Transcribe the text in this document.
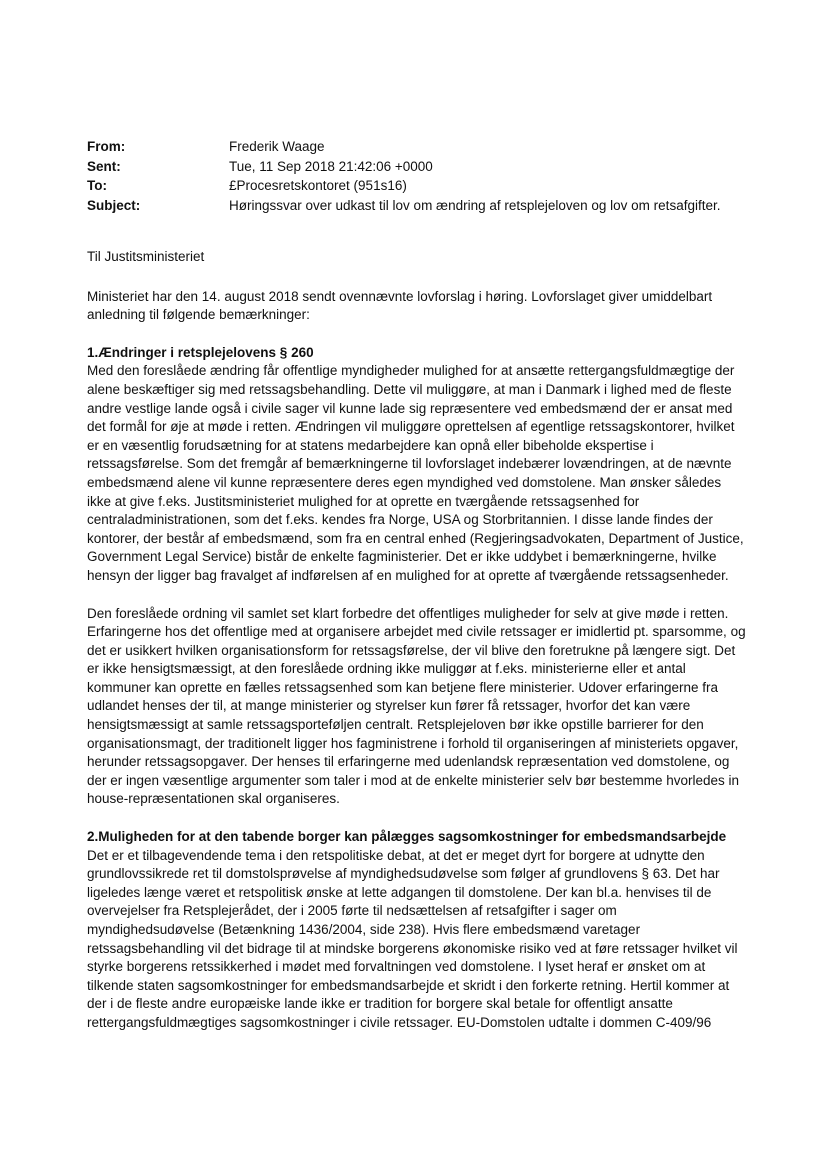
From:	Frederik Waage
Sent:	Tue, 11 Sep 2018 21:42:06 +0000
To:	£Procesretskontoret (951s16)
Subject:	Høringssvar over udkast til lov om ændring af retsplejeloven og lov om retsafgifter.

Til Justitsministeriet

Ministeriet har den 14. august 2018 sendt ovennævnte lovforslag i høring. Lovforslaget giver umiddelbart anledning til følgende bemærkninger:

1.Ændringer i retsplejelovens § 260

Med den foreslåede ændring får offentlige myndigheder mulighed for at ansætte rettergangsfuldmægtige der alene beskæftiger sig med retssagsbehandling. Dette vil muliggøre, at man i Danmark i lighed med de fleste andre vestlige lande også i civile sager vil kunne lade sig repræsentere ved embedsmænd der er ansat med det formål for øje at møde i retten. Ændringen vil muliggøre oprettelsen af egentlige retssagskontorer, hvilket er en væsentlig forudsætning for at statens medarbejdere kan opnå eller bibeholde ekspertise i retssagsførelse. Som det fremgår af bemærkningerne til lovforslaget indebærer lovændringen, at de nævnte embedsmænd alene vil kunne repræsentere deres egen myndighed ved domstolene. Man ønsker således ikke at give f.eks. Justitsministeriet mulighed for at oprette en tværgående retssagsenhed for centraladministrationen, som det f.eks. kendes fra Norge, USA og Storbritannien. I disse lande findes der kontorer, der består af embedsmænd, som fra en central enhed (Regjeringsadvokaten, Department of Justice, Government Legal Service) bistår de enkelte fagministerier. Det er ikke uddybet i bemærkningerne, hvilke hensyn der ligger bag fravalget af indførelsen af en mulighed for at oprette af tværgående retssagsenheder.

Den foreslåede ordning vil samlet set klart forbedre det offentliges muligheder for selv at give møde i retten. Erfaringerne hos det offentlige med at organisere arbejdet med civile retssager er imidlertid pt. sparsomme, og det er usikkert hvilken organisationsform for retssagsførelse, der vil blive den foretrukne på længere sigt. Det er ikke hensigtsmæssigt, at den foreslåede ordning ikke muliggør at f.eks. ministerierne eller et antal kommuner kan oprette en fælles retssagsenhed som kan betjene flere ministerier. Udover erfaringerne fra udlandet henses der til, at mange ministerier og styrelser kun fører få retssager, hvorfor det kan være hensigtsmæssigt at samle retssagsporteføljen centralt. Retsplejeloven bør ikke opstille barrierer for den organisationsmagt, der traditionelt ligger hos fagministrene i forhold til organiseringen af ministeriets opgaver, herunder retssagsopgaver. Der henses til erfaringerne med udenlandsk repræsentation ved domstolene, og der er ingen væsentlige argumenter som taler i mod at de enkelte ministerier selv bør bestemme hvorledes in house-repræsentationen skal organiseres.

2.Muligheden for at den tabende borger kan pålægges sagsomkostninger for embedsmandsarbejde

Det er et tilbagevendende tema i den retspolitiske debat, at det er meget dyrt for borgere at udnytte den grundlovssikrede ret til domstolsprøvelse af myndighedsudøvelse som følger af grundlovens § 63. Det har ligeledes længe været et retspolitisk ønske at lette adgangen til domstolene. Der kan bl.a. henvises til de overvejelser fra Retsplejerådet, der i 2005 førte til nedsættelsen af retsafgifter i sager om myndighedsudøvelse (Betænkning 1436/2004, side 238). Hvis flere embedsmænd varetager retssagsbehandling vil det bidrage til at mindske borgerens økonomiske risiko ved at føre retssager hvilket vil styrke borgerens retssikkerhed i mødet med forvaltningen ved domstolene. I lyset heraf er ønsket om at tilkende staten sagsomkostninger for embedsmandsarbejde et skridt i den forkerte retning. Hertil kommer at der i de fleste andre europæiske lande ikke er tradition for borgere skal betale for offentligt ansatte rettergangsfuldmægtiges sagsomkostninger i civile retssager. EU-Domstolen udtalte i dommen C-409/96
